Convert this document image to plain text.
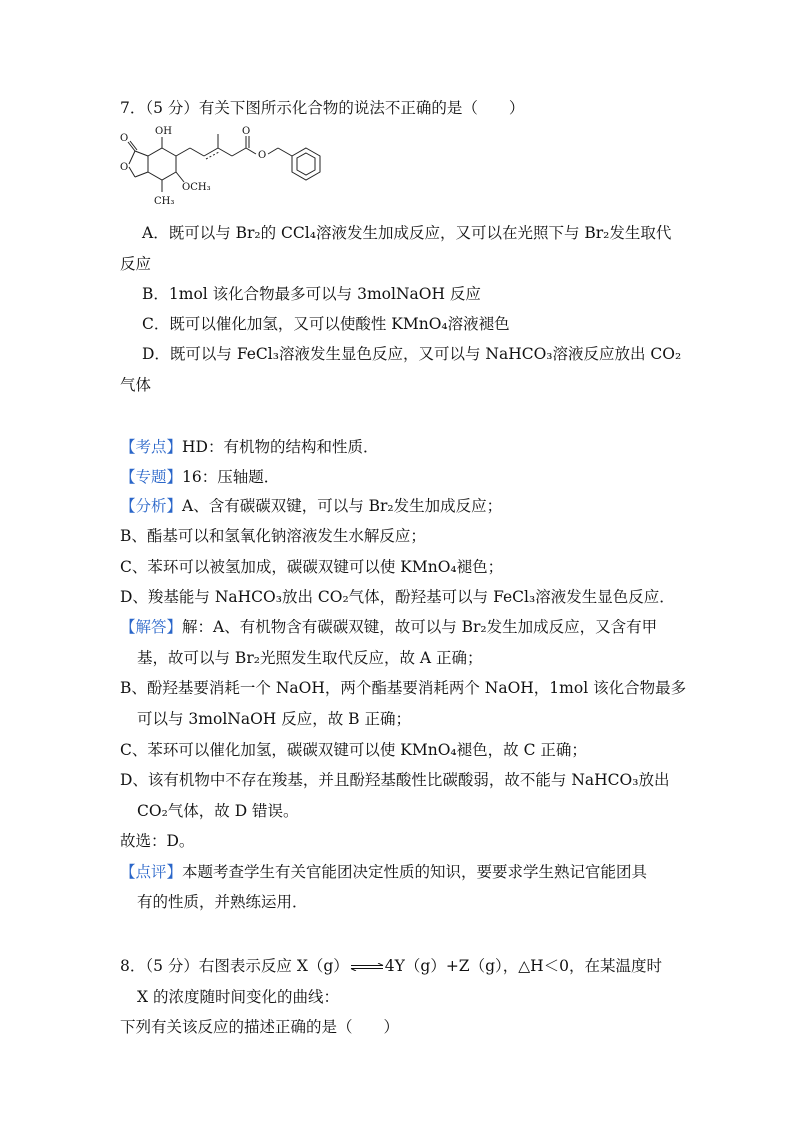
7．（5 分）有关下图所示化合物的说法不正确的是（　　）
OH
O
O
O
O
OCH₃
CH₃
A．既可以与 Br₂的 CCl₄溶液发生加成反应，又可以在光照下与 Br₂发生取代
反应
B．1mol 该化合物最多可以与 3molNaOH 反应
C．既可以催化加氢，又可以使酸性 KMnO₄溶液褪色
D．既可以与 FeCl₃溶液发生显色反应，又可以与 NaHCO₃溶液反应放出 CO₂
气体
【考点】HD：有机物的结构和性质．
【专题】16：压轴题．
【分析】A、含有碳碳双键，可以与 Br₂发生加成反应；
B、酯基可以和氢氧化钠溶液发生水解反应；
C、苯环可以被氢加成，碳碳双键可以使 KMnO₄褪色；
D、羧基能与 NaHCO₃放出 CO₂气体，酚羟基可以与 FeCl₃溶液发生显色反应．
【解答】解：A、有机物含有碳碳双键，故可以与 Br₂发生加成反应，又含有甲
基，故可以与 Br₂光照发生取代反应，故 A 正确；
B、酚羟基要消耗一个 NaOH，两个酯基要消耗两个 NaOH，1mol 该化合物最多
可以与 3molNaOH 反应，故 B 正确；
C、苯环可以催化加氢，碳碳双键可以使 KMnO₄褪色，故 C 正确；
D、该有机物中不存在羧基，并且酚羟基酸性比碳酸弱，故不能与 NaHCO₃放出
CO₂气体，故 D 错误。
故选：D。
【点评】本题考查学生有关官能团决定性质的知识，要要求学生熟记官能团具
有的性质，并熟练运用．
8．（5 分）右图表示反应 X（g）⇌4Y（g）+Z（g），△H＜0，在某温度时
X 的浓度随时间变化的曲线：
下列有关该反应的描述正确的是（　　）
